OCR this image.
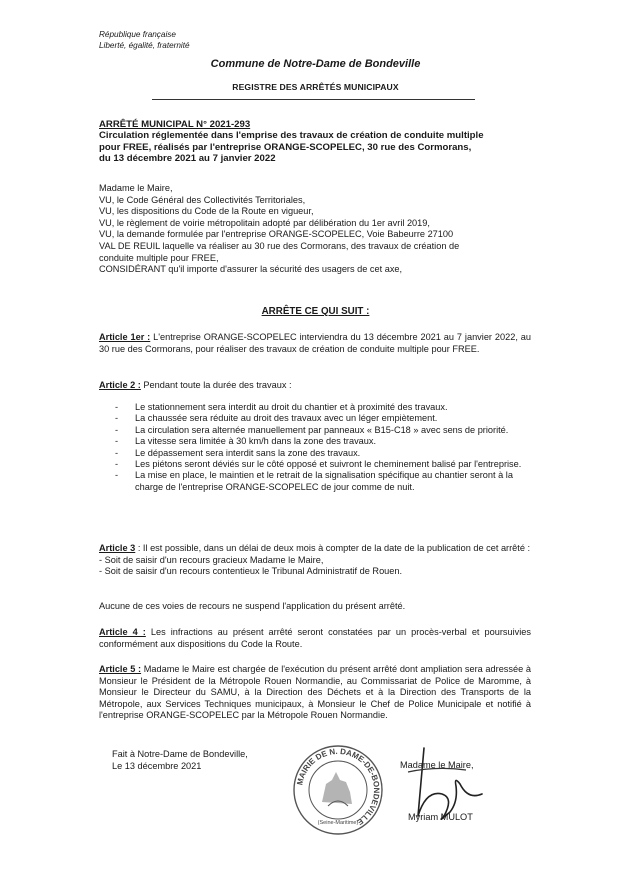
République française
Liberté, égalité, fraternité
Commune de Notre-Dame de Bondeville
REGISTRE DES ARRÊTÉS MUNICIPAUX
ARRÊTÉ MUNICIPAL N° 2021-293
Circulation réglementée dans l'emprise des travaux de création de conduite multiple
pour FREE, réalisés par l'entreprise ORANGE-SCOPELEC, 30 rue des Cormorans,
du 13 décembre 2021 au 7 janvier 2022

Madame le Maire,

VU, le Code Général des Collectivités Territoriales,

VU, les dispositions du Code de la Route en vigueur,

VU, le règlement de voirie métropolitain adopté par délibération du 1er avril 2019,

VU, la demande formulée par l'entreprise ORANGE-SCOPELEC, Voie Babeurre 27100

VAL DE REUIL laquelle va réaliser au 30 rue des Cormorans, des travaux de création de

conduite multiple pour FREE,

CONSIDÉRANT qu'il importe d'assurer la sécurité des usagers de cet axe,

ARRÊTE CE QUI SUIT :
Article 1er : L'entreprise ORANGE-SCOPELEC interviendra du 13 décembre 2021 au 7 janvier 2022, au 30 rue des Cormorans, pour réaliser des travaux de création de conduite multiple pour FREE.
Article 2 : Pendant toute la durée des travaux :

- Le stationnement sera interdit au droit du chantier et à proximité des travaux.

- La chaussée sera réduite au droit des travaux avec un léger empiètement.

- La circulation sera alternée manuellement par panneaux « B15-C18 » avec sens de priorité.

- La vitesse sera limitée à 30 km/h dans la zone des travaux.

- Le dépassement sera interdit sans la zone des travaux.

- Les piétons seront déviés sur le côté opposé et suivront le cheminement balisé par l'entreprise.

- La mise en place, le maintien et le retrait de la signalisation spécifique au chantier seront à la charge de l'entreprise ORANGE-SCOPELEC de jour comme de nuit.

Article 3 : Il est possible, dans un délai de deux mois à compter de la date de la publication de cet arrêté :

- Soit de saisir d'un recours gracieux Madame le Maire,

- Soit de saisir d'un recours contentieux le Tribunal Administratif de Rouen.

Aucune de ces voies de recours ne suspend l'application du présent arrêté.
Article 4 : Les infractions au présent arrêté seront constatées par un procès-verbal et poursuivies conformément aux dispositions du Code la Route.
Article 5 : Madame le Maire est chargée de l'exécution du présent arrêté dont ampliation sera adressée à Monsieur le Président de la Métropole Rouen Normandie, au Commissariat de Police de Maromme, à Monsieur le Directeur du SAMU, à la Direction des Déchets et à la Direction des Transports de la Métropole, aux Services Techniques municipaux, à Monsieur le Chef de Police Municipale et notifié à l'entreprise ORANGE-SCOPELEC par la Métropole Rouen Normandie.
Fait à Notre-Dame de Bondeville,
Le 13 décembre 2021
MAIRIE DE N. DAME-DE-BONDEVILLE
(Seine-Maritime)
Madame le Maire,
Myriam MULOT
